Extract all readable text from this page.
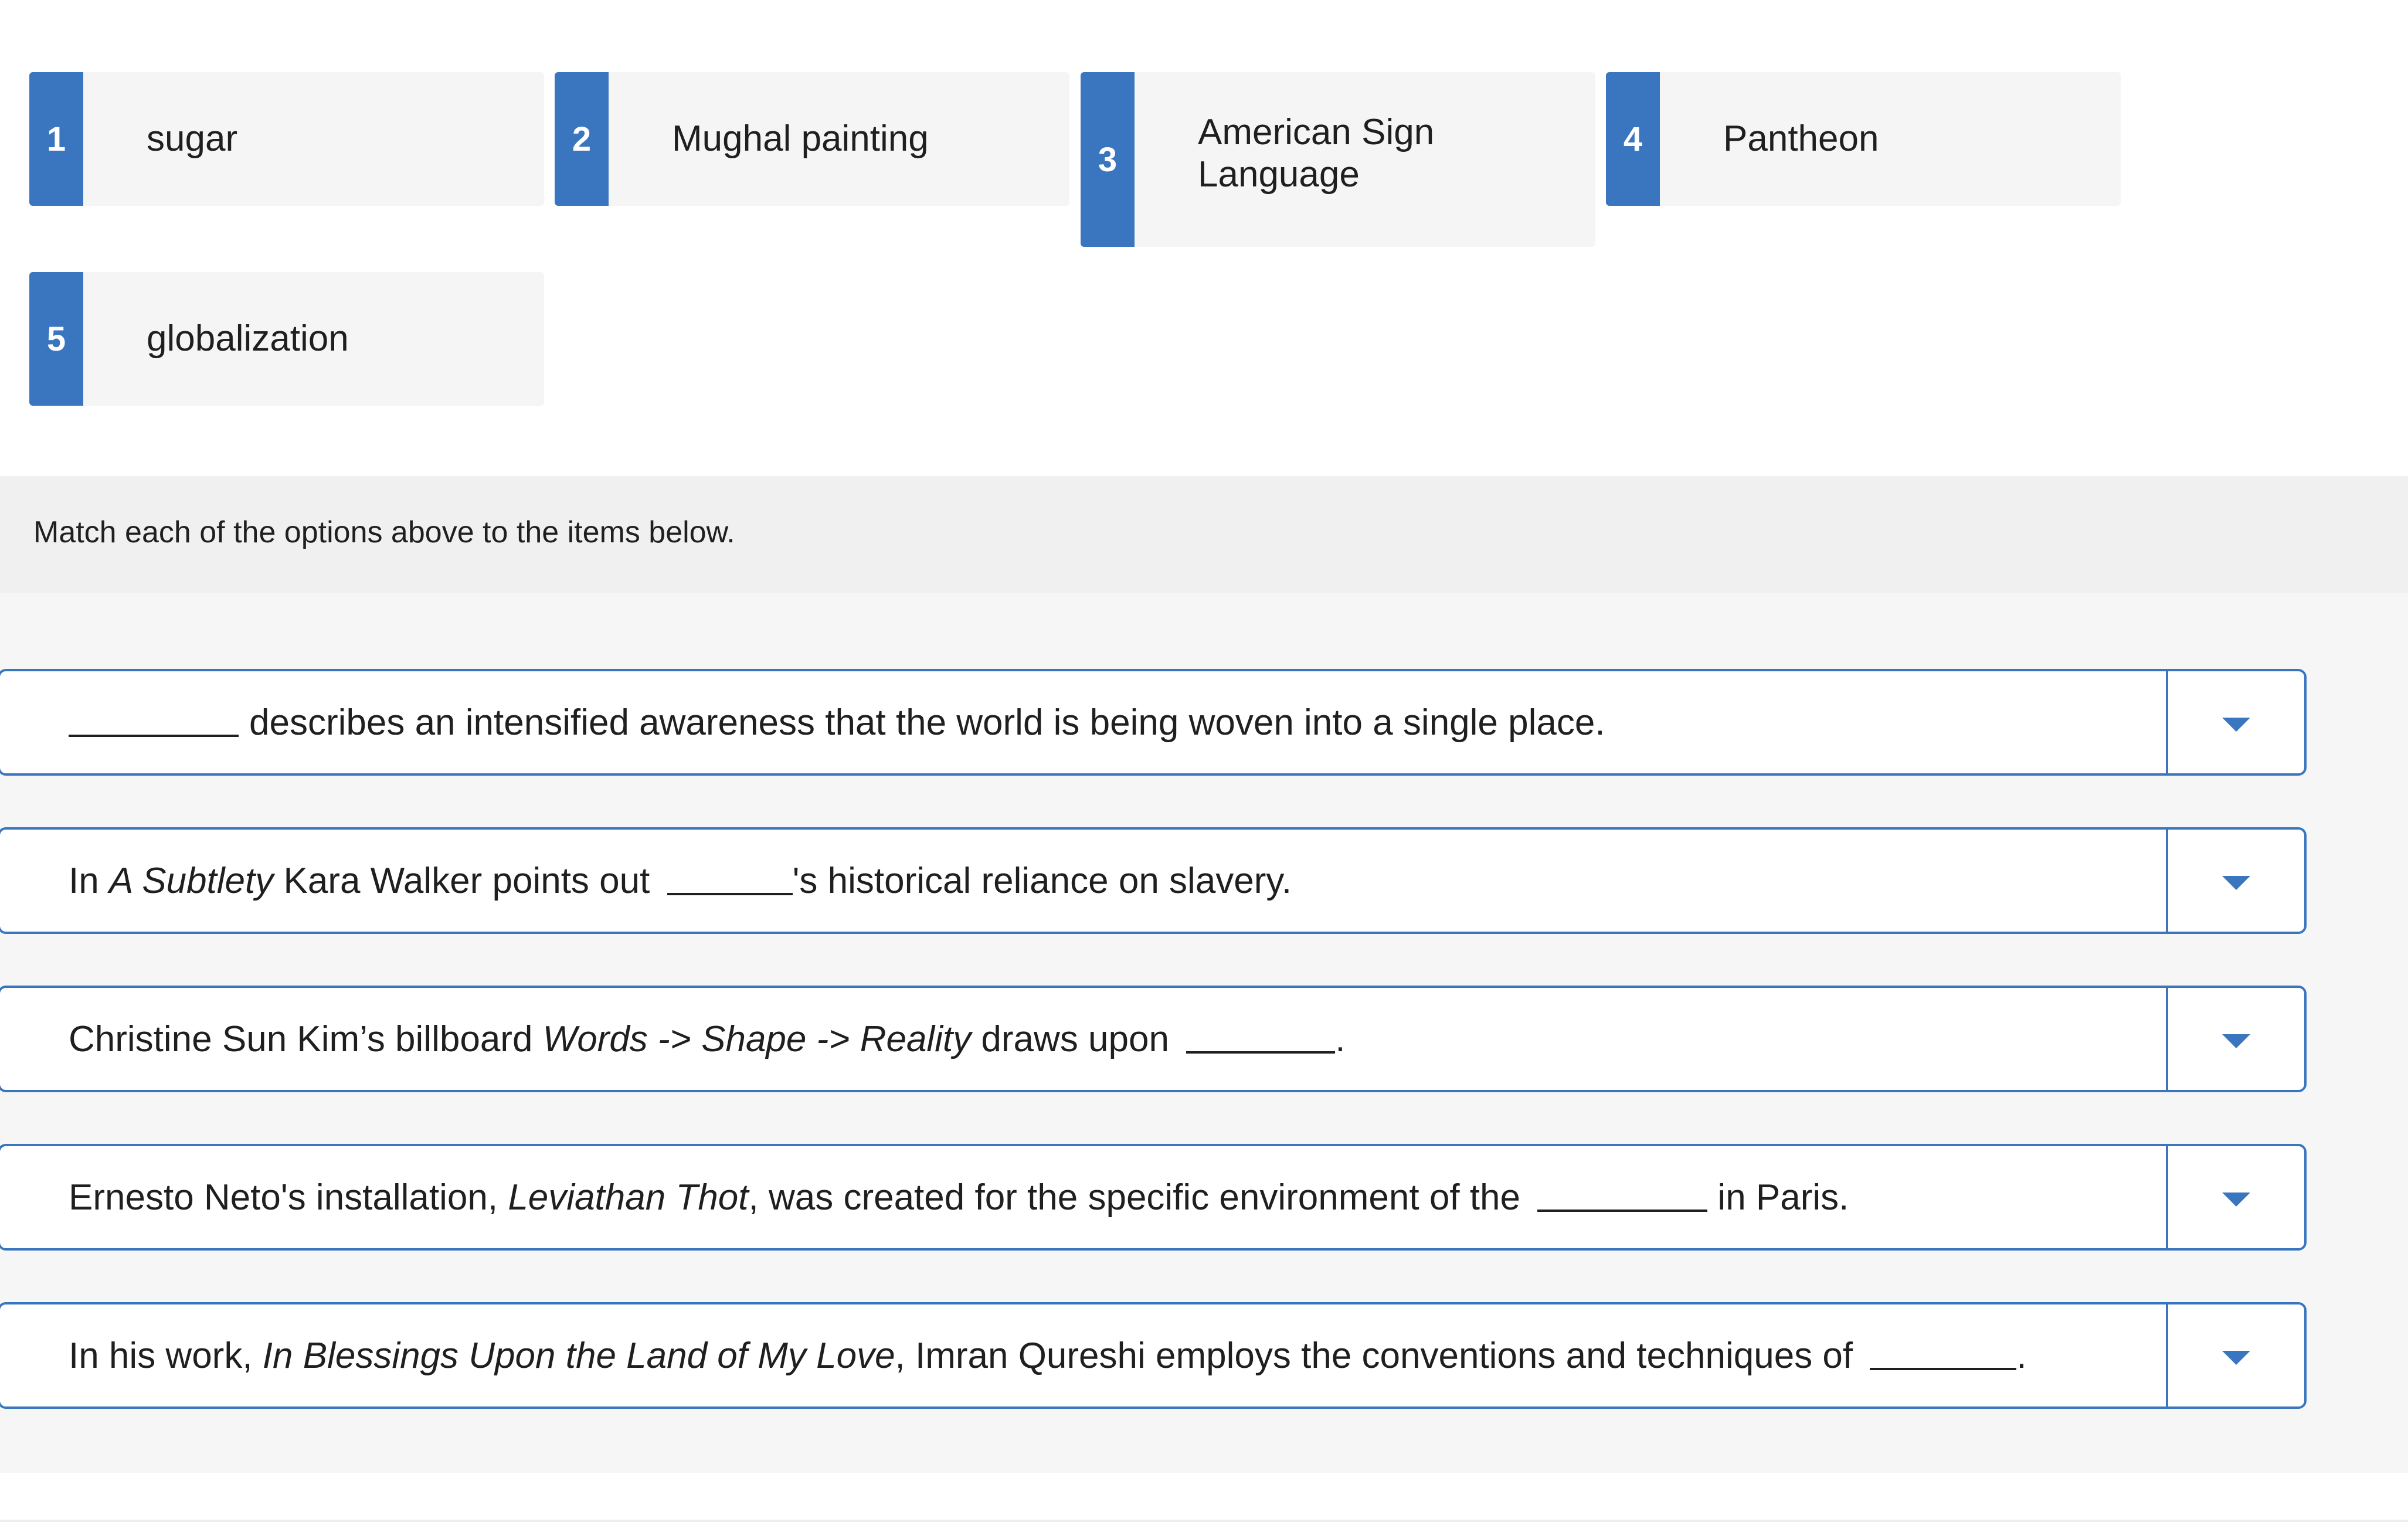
1	sugar	2	Mughal painting
3
American Sign
Language
4	Pantheon
5	globalization
Match each of the options above to the items below.
describes an intensified awareness that the world is being woven into a single place.
In A Subtlety Kara Walker points out	's historical reliance on slavery.
Christine Sun Kim’s billboard Words -> Shape -> Reality draws upon	.
Ernesto Neto's installation, Leviathan Thot , was created for the specific environment of the	in Paris.
In his work, In Blessings Upon the Land of My Love , Imran Qureshi employs the conventions and techniques of	.
